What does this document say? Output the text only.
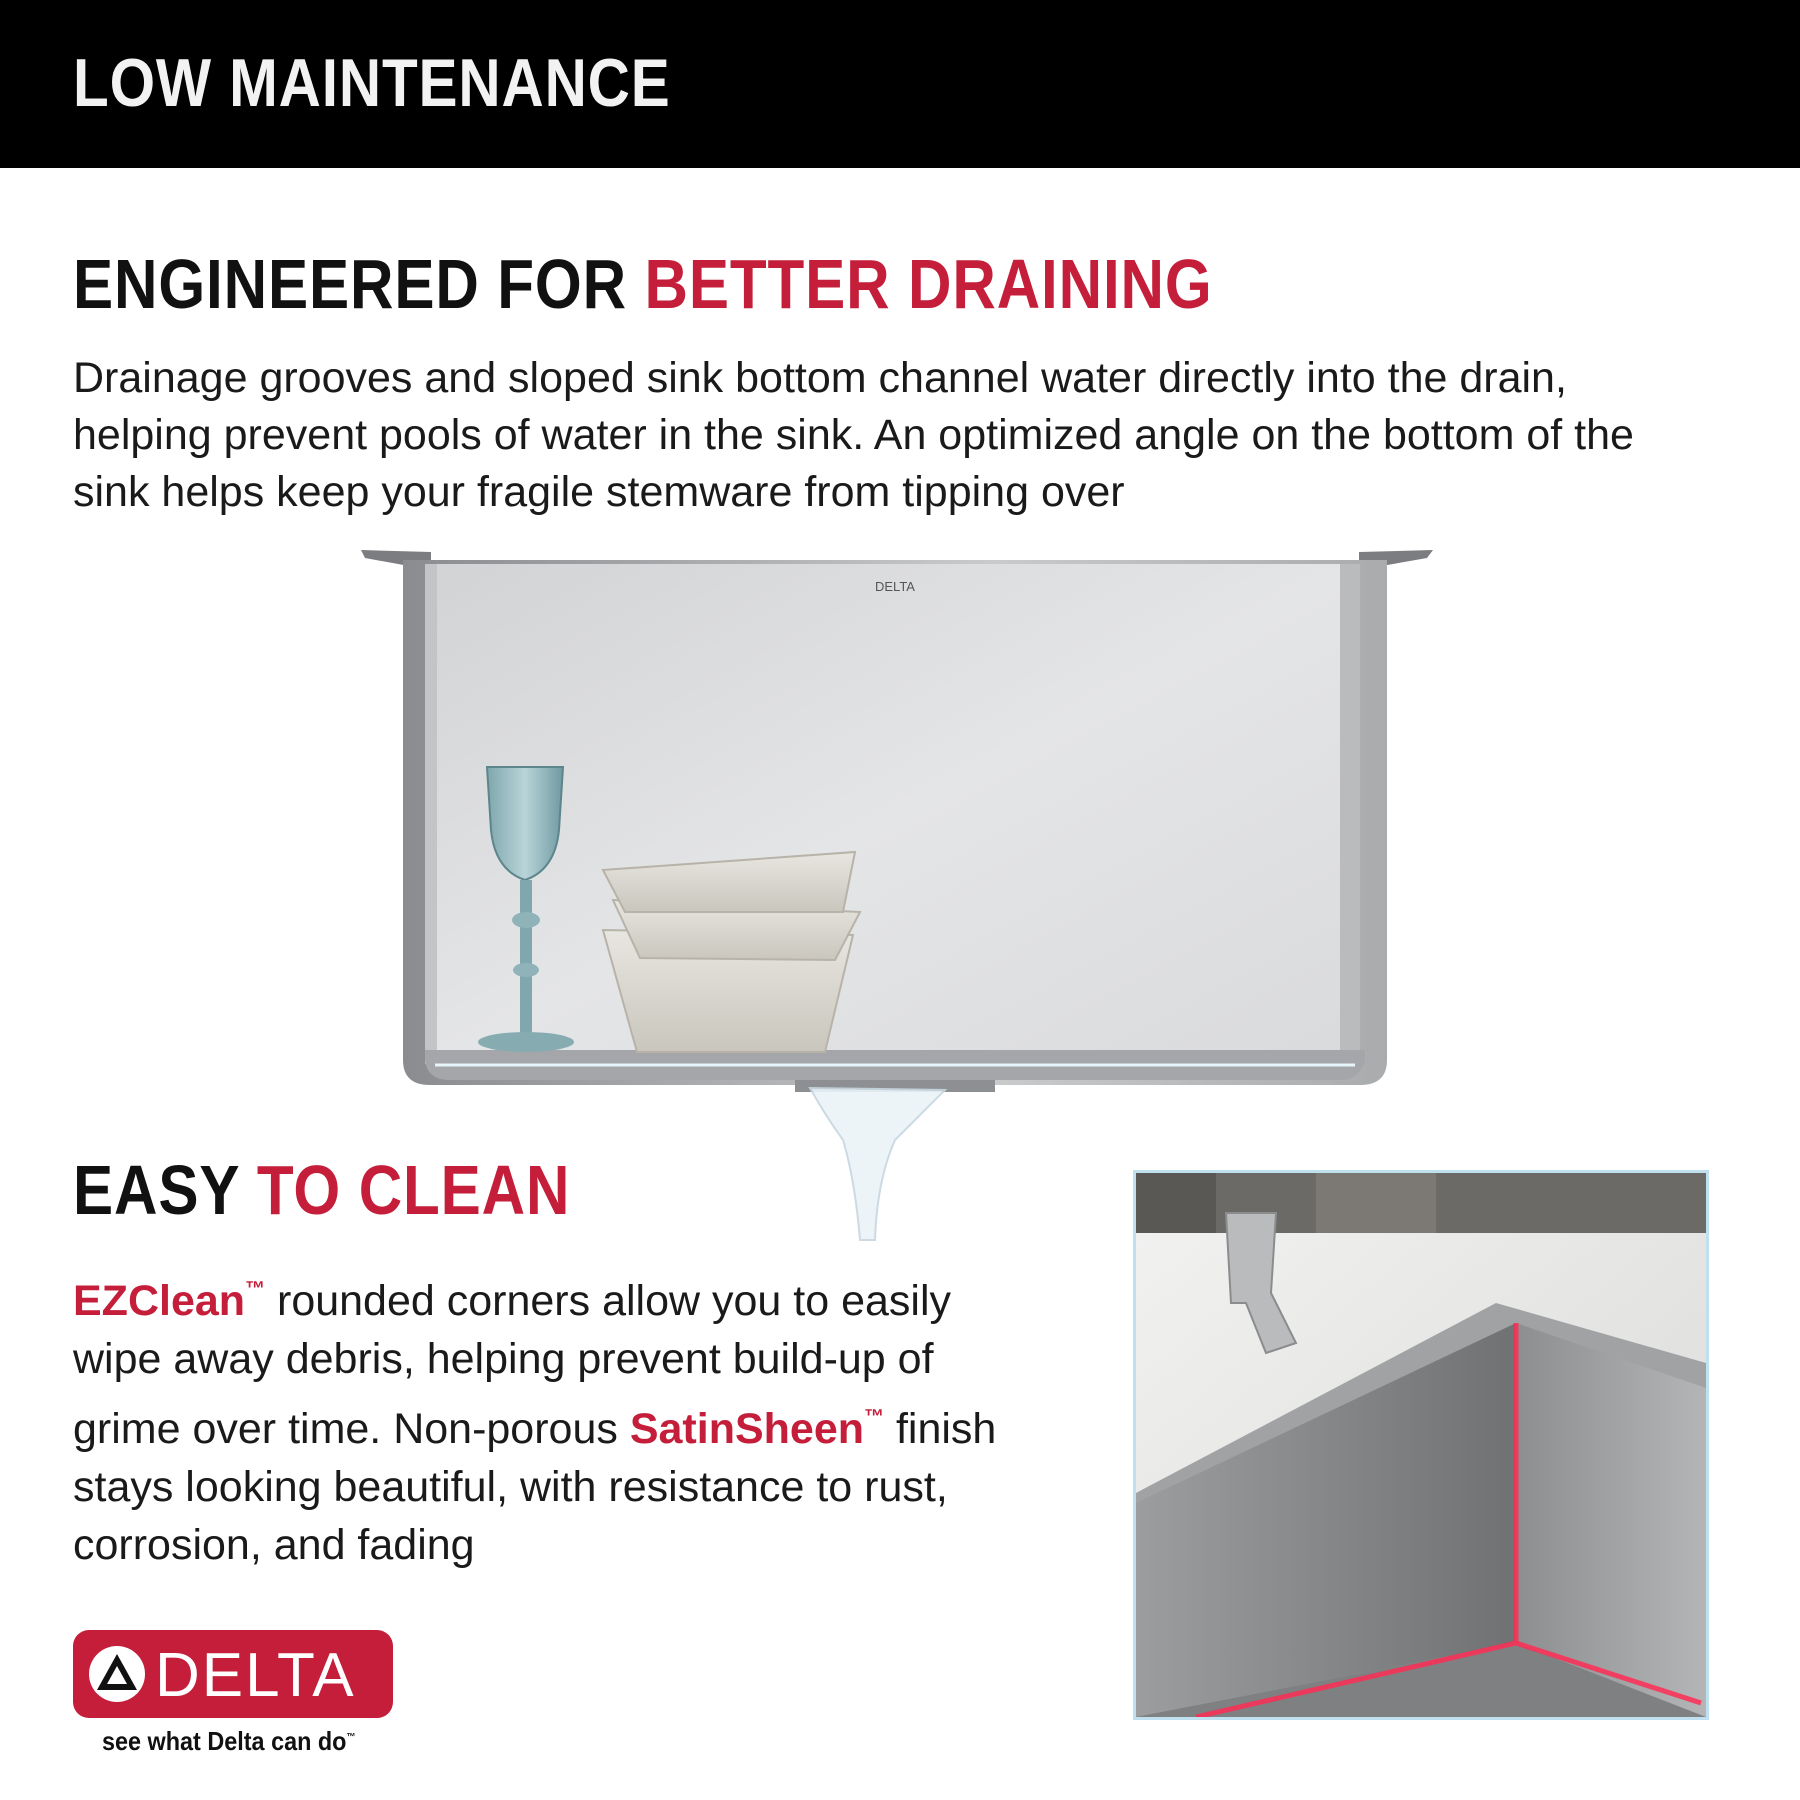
LOW MAINTENANCE
ENGINEERED FOR BETTER DRAINING

Drainage grooves and sloped sink bottom channel water directly into the drain, helping prevent pools of water in the sink. An optimized angle on the bottom of the sink helps keep your fragile stemware from tipping over

DELTA
EASY TO CLEAN

EZClean™ rounded corners allow you to easily wipe away debris, helping prevent build-up of grime over time. Non-porous SatinSheen™ finish stays looking beautiful, with resistance to rust, corrosion, and fading

DELTA
see what Delta can do™
